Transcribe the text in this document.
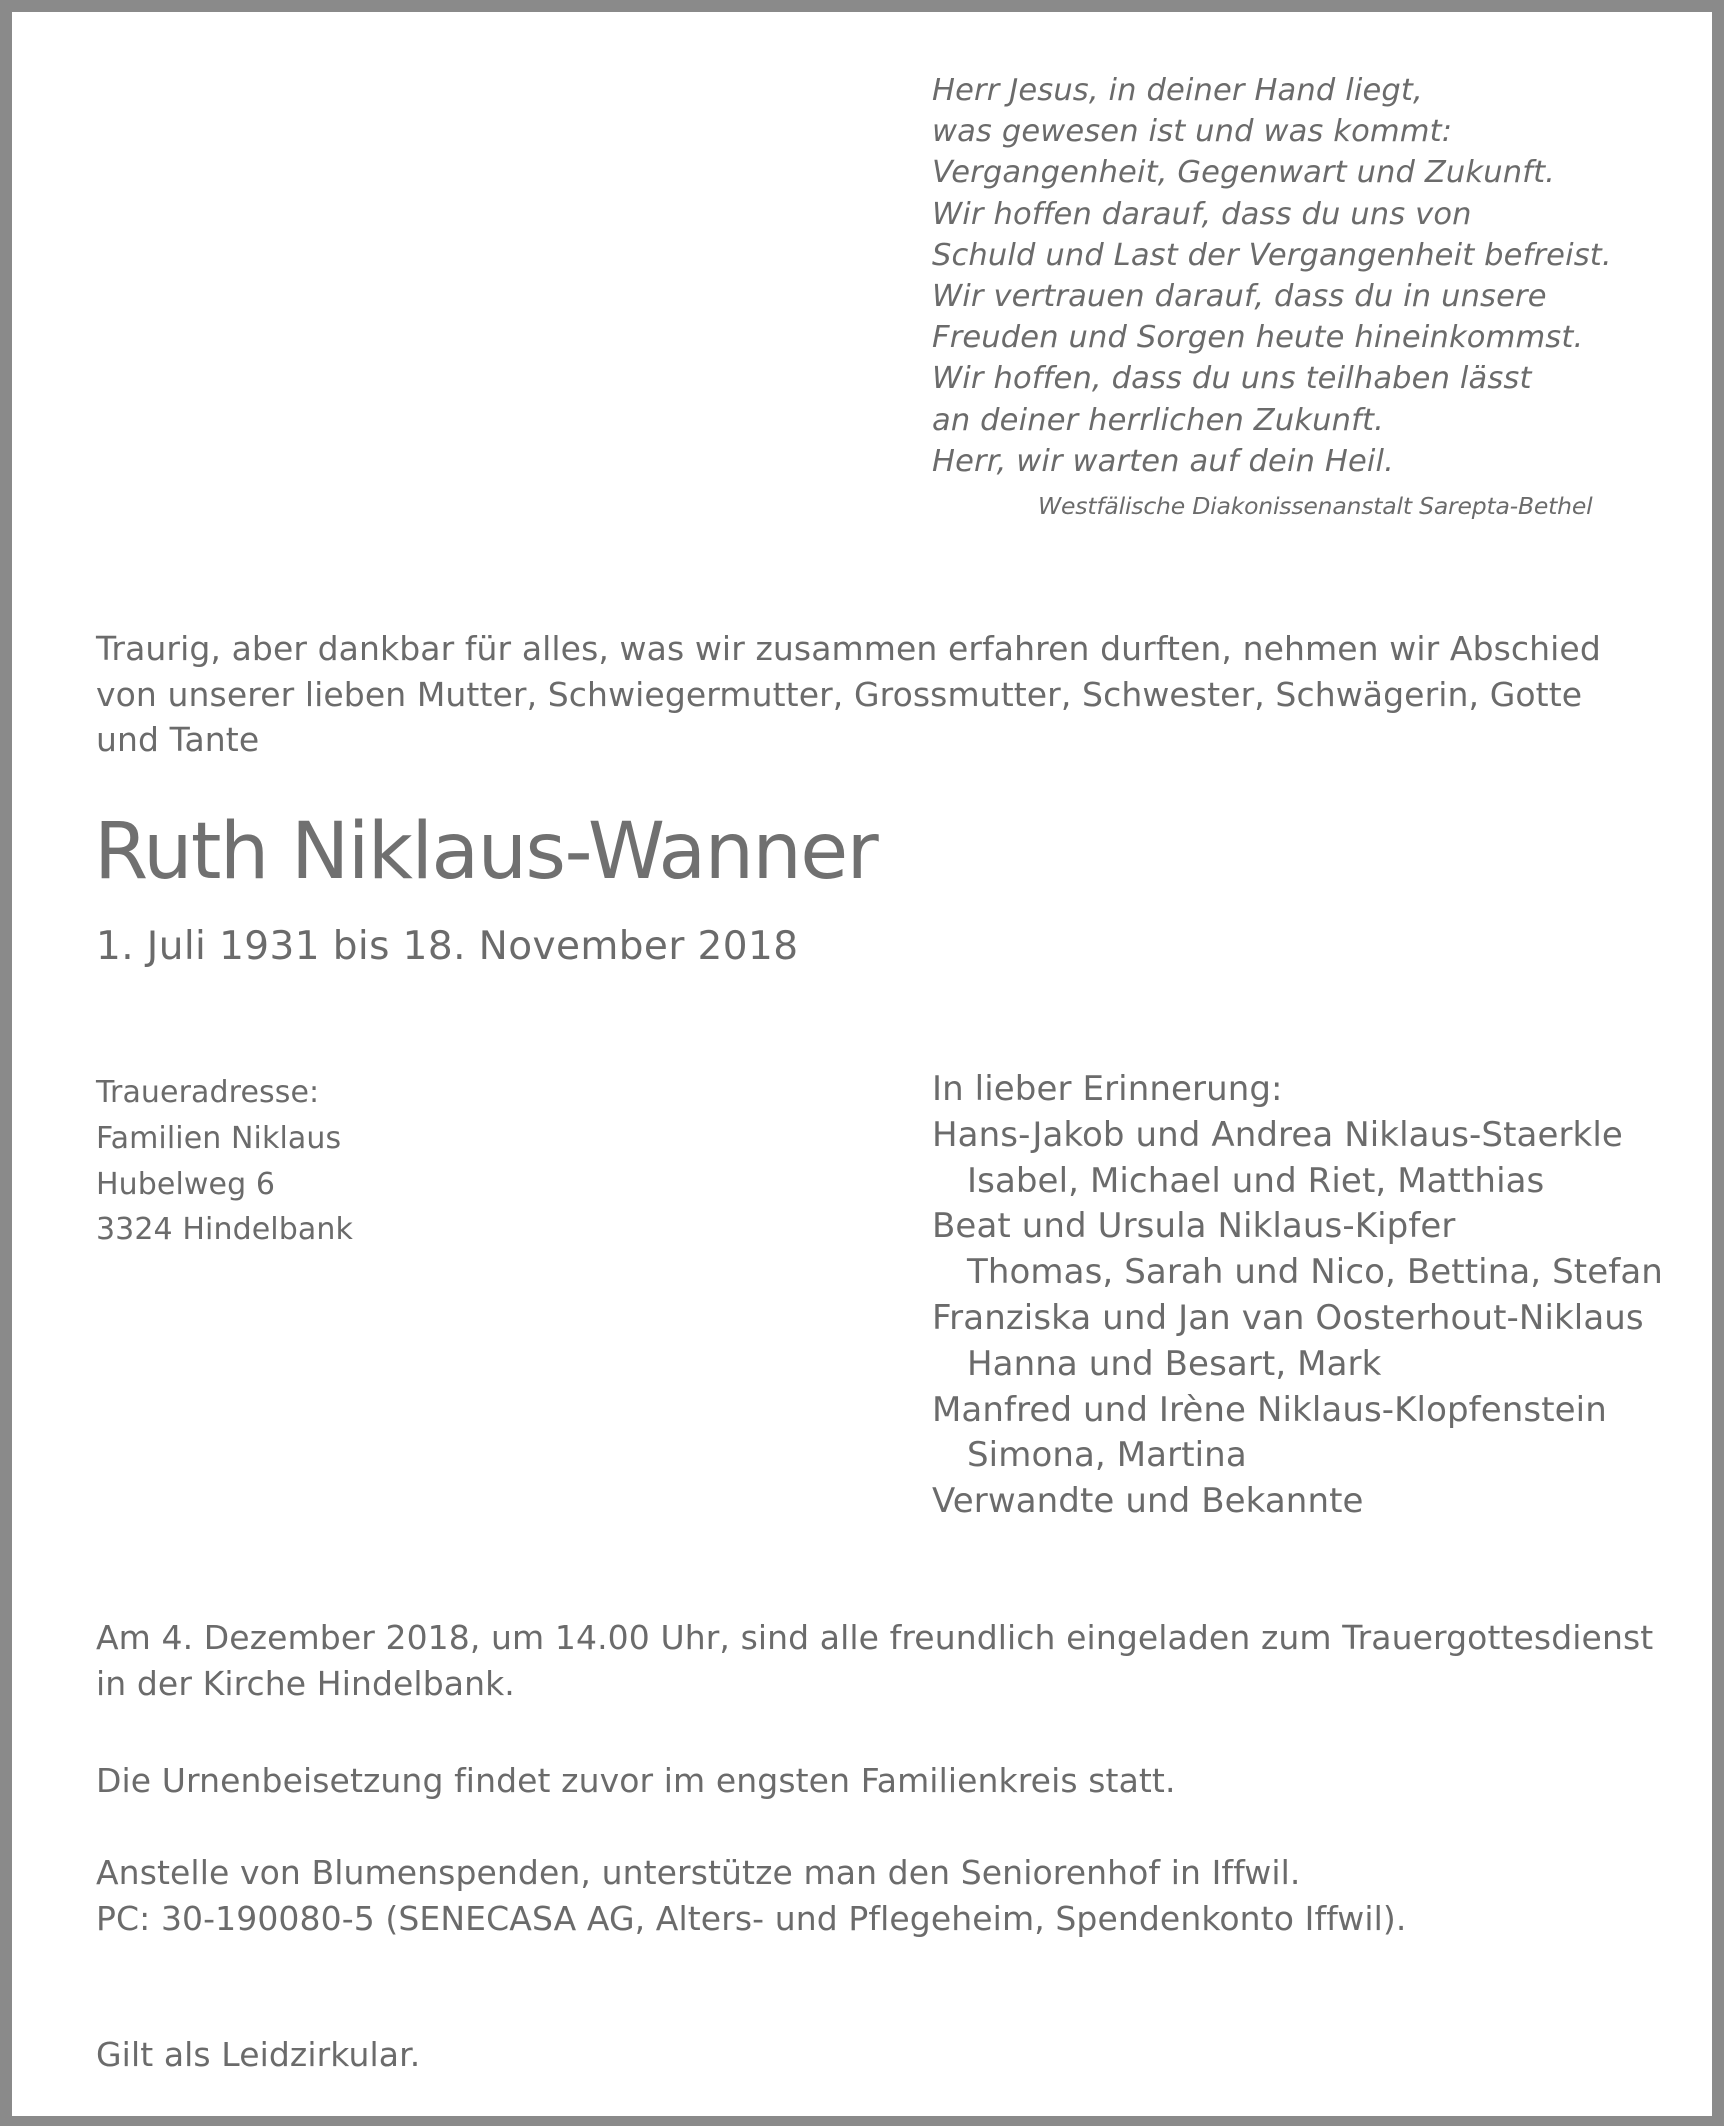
Herr Jesus, in deiner Hand liegt,
was gewesen ist und was kommt:
Vergangenheit, Gegenwart und Zukunft.
Wir hoffen darauf, dass du uns von
Schuld und Last der Vergangenheit befreist.
Wir vertrauen darauf, dass du in unsere
Freuden und Sorgen heute hineinkommst.
Wir hoffen, dass du uns teilhaben lässt
an deiner herrlichen Zukunft.
Herr, wir warten auf dein Heil.
Westfälische Diakonissenanstalt Sarepta-Bethel
Traurig, aber dankbar für alles, was wir zusammen erfahren durften, nehmen wir Abschied
von unserer lieben Mutter, Schwiegermutter, Grossmutter, Schwester, Schwägerin, Gotte
und Tante
Ruth Niklaus-Wanner
1. Juli 1931 bis 18. November 2018
Traueradresse:
Familien Niklaus
Hubelweg 6
3324 Hindelbank
In lieber Erinnerung:
Hans-Jakob und Andrea Niklaus-Staerkle
Isabel, Michael und Riet, Matthias
Beat und Ursula Niklaus-Kipfer
Thomas, Sarah und Nico, Bettina, Stefan
Franziska und Jan van Oosterhout-Niklaus
Hanna und Besart, Mark
Manfred und Irène Niklaus-Klopfenstein
Simona, Martina
Verwandte und Bekannte
Am 4. Dezember 2018, um 14.00 Uhr, sind alle freundlich eingeladen zum Trauergottesdienst
in der Kirche Hindelbank.
Die Urnenbeisetzung findet zuvor im engsten Familienkreis statt.
Anstelle von Blumenspenden, unterstütze man den Seniorenhof in Iffwil.
PC: 30-190080-5 (SENECASA AG, Alters- und Pflegeheim, Spendenkonto Iffwil).
Gilt als Leidzirkular.
